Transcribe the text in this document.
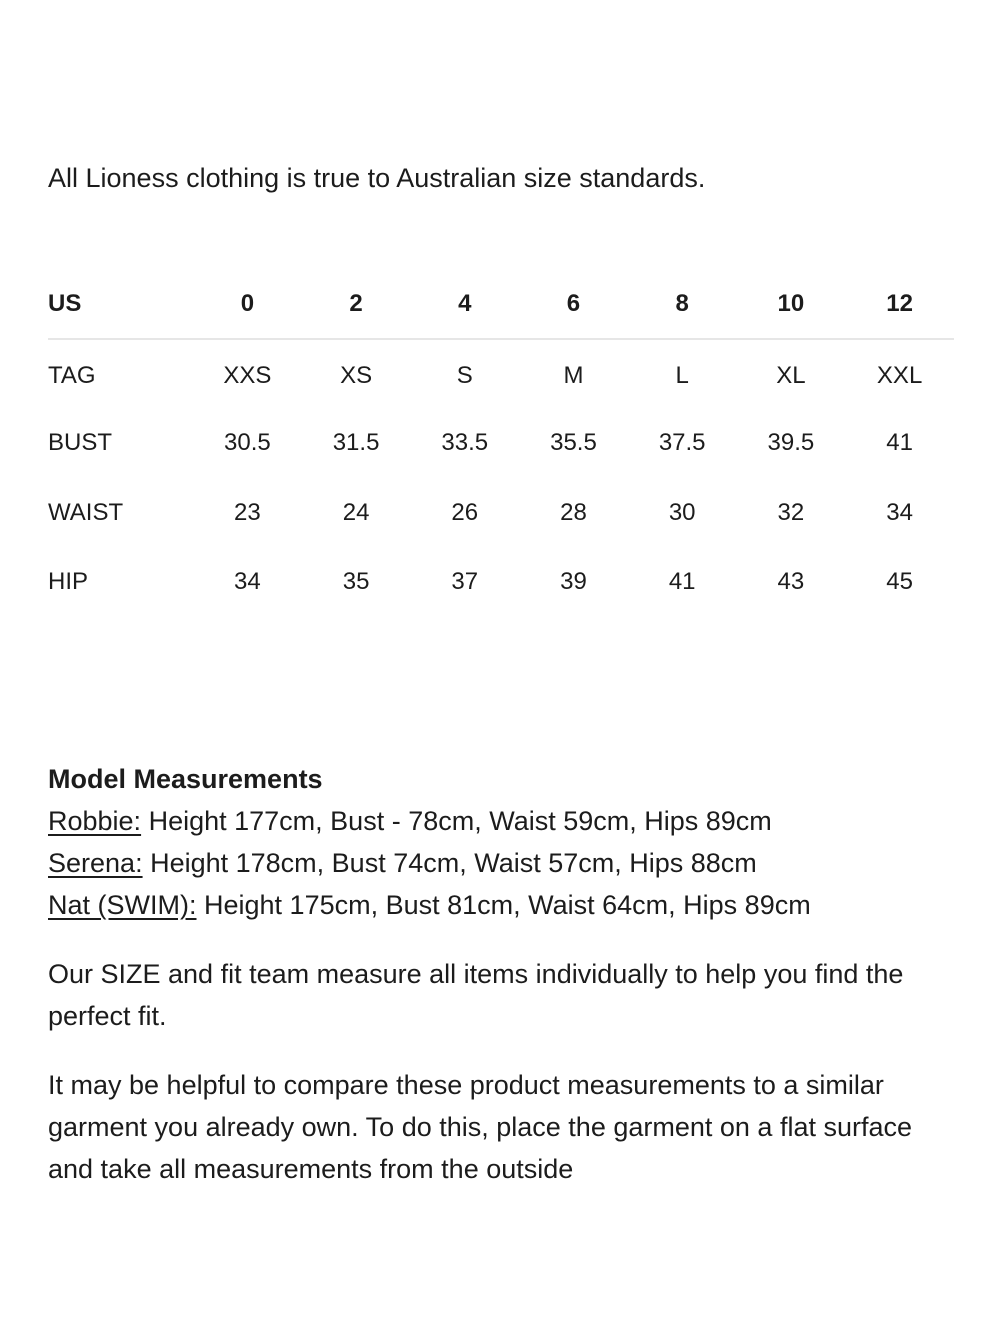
All Lioness clothing is true to Australian size standards.

US	0	2	4	6	8	10	12
TAG	XXS	XS	S	M	L	XL	XXL
BUST	30.5	31.5	33.5	35.5	37.5	39.5	41
WAIST	23	24	26	28	30	32	34
HIP	34	35	37	39	41	43	45

Model Measurements

Robbie: Height 177cm, Bust - 78cm, Waist 59cm, Hips 89cm

Serena: Height 178cm, Bust 74cm, Waist 57cm, Hips 88cm

Nat (SWIM): Height 175cm, Bust 81cm, Waist 64cm, Hips 89cm

Our SIZE and fit team measure all items individually to help you find the perfect fit.

It may be helpful to compare these product measurements to a similar garment you already own. To do this, place the garment on a flat surface and take all measurements from the outside
